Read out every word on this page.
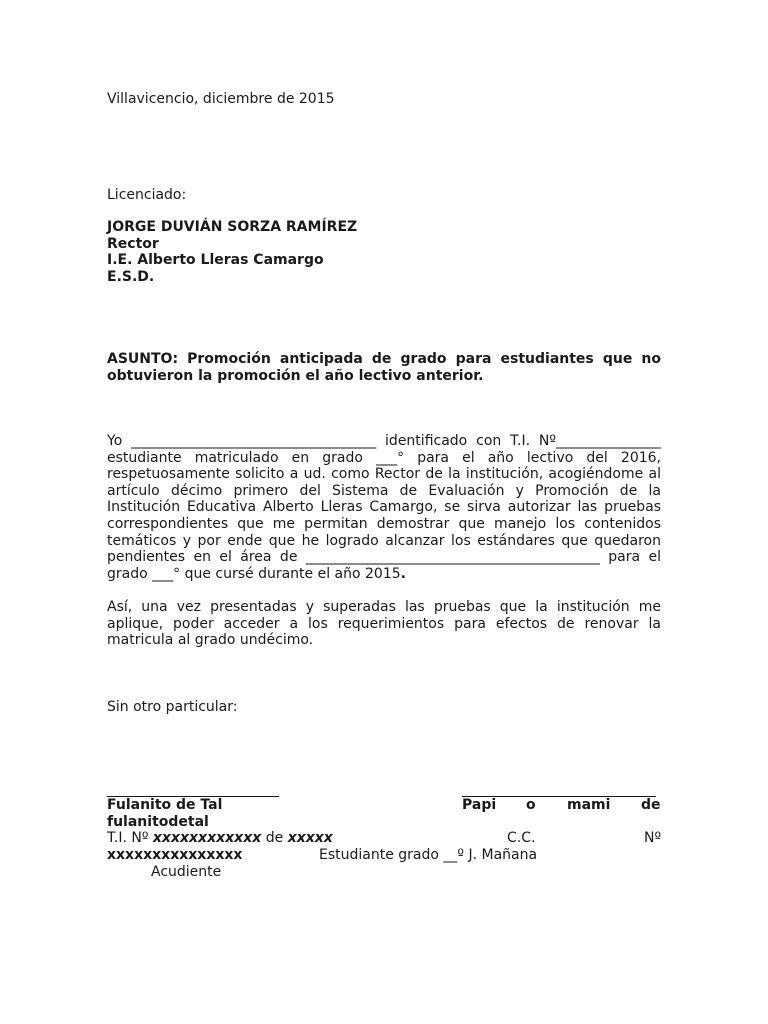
Villavicencio, diciembre de 2015
Licenciado:
JORGE DUVIÁN SORZA RAMÍREZ
Rector
I.E. Alberto Lleras Camargo
E.S.D.
ASUNTO: Promoción anticipada de grado para estudiantes que no obtuvieron la promoción el año lectivo anterior.
Yo ___________________________________ identificado con T.I. Nº_______________ estudiante matriculado en grado ___° para el año lectivo del 2016, respetuosamente solicito a ud. como Rector de la institución, acogiéndome al artículo décimo primero del Sistema de Evaluación y Promoción de la Institución Educativa Alberto Lleras Camargo, se sirva autorizar las pruebas correspondientes que me permitan demostrar que manejo los contenidos temáticos y por ende que he logrado alcanzar los estándares que quedaron pendientes en el área de __________________________________________ para el grado ___° que cursé durante el año 2015.
Así, una vez presentadas y superadas las pruebas que la institución me aplique, poder acceder a los requerimientos para efectos de renovar la matricula al grado undécimo.
Sin otro particular:
Fulanito de Tal fulanitodetal
Papi o mami de
T.I. Nº xxxxxxxxxxxx de xxxxx	C.C.	Nº
xxxxxxxxxxxxxxx	Estudiante grado __º J. Mañana
Acudiente
